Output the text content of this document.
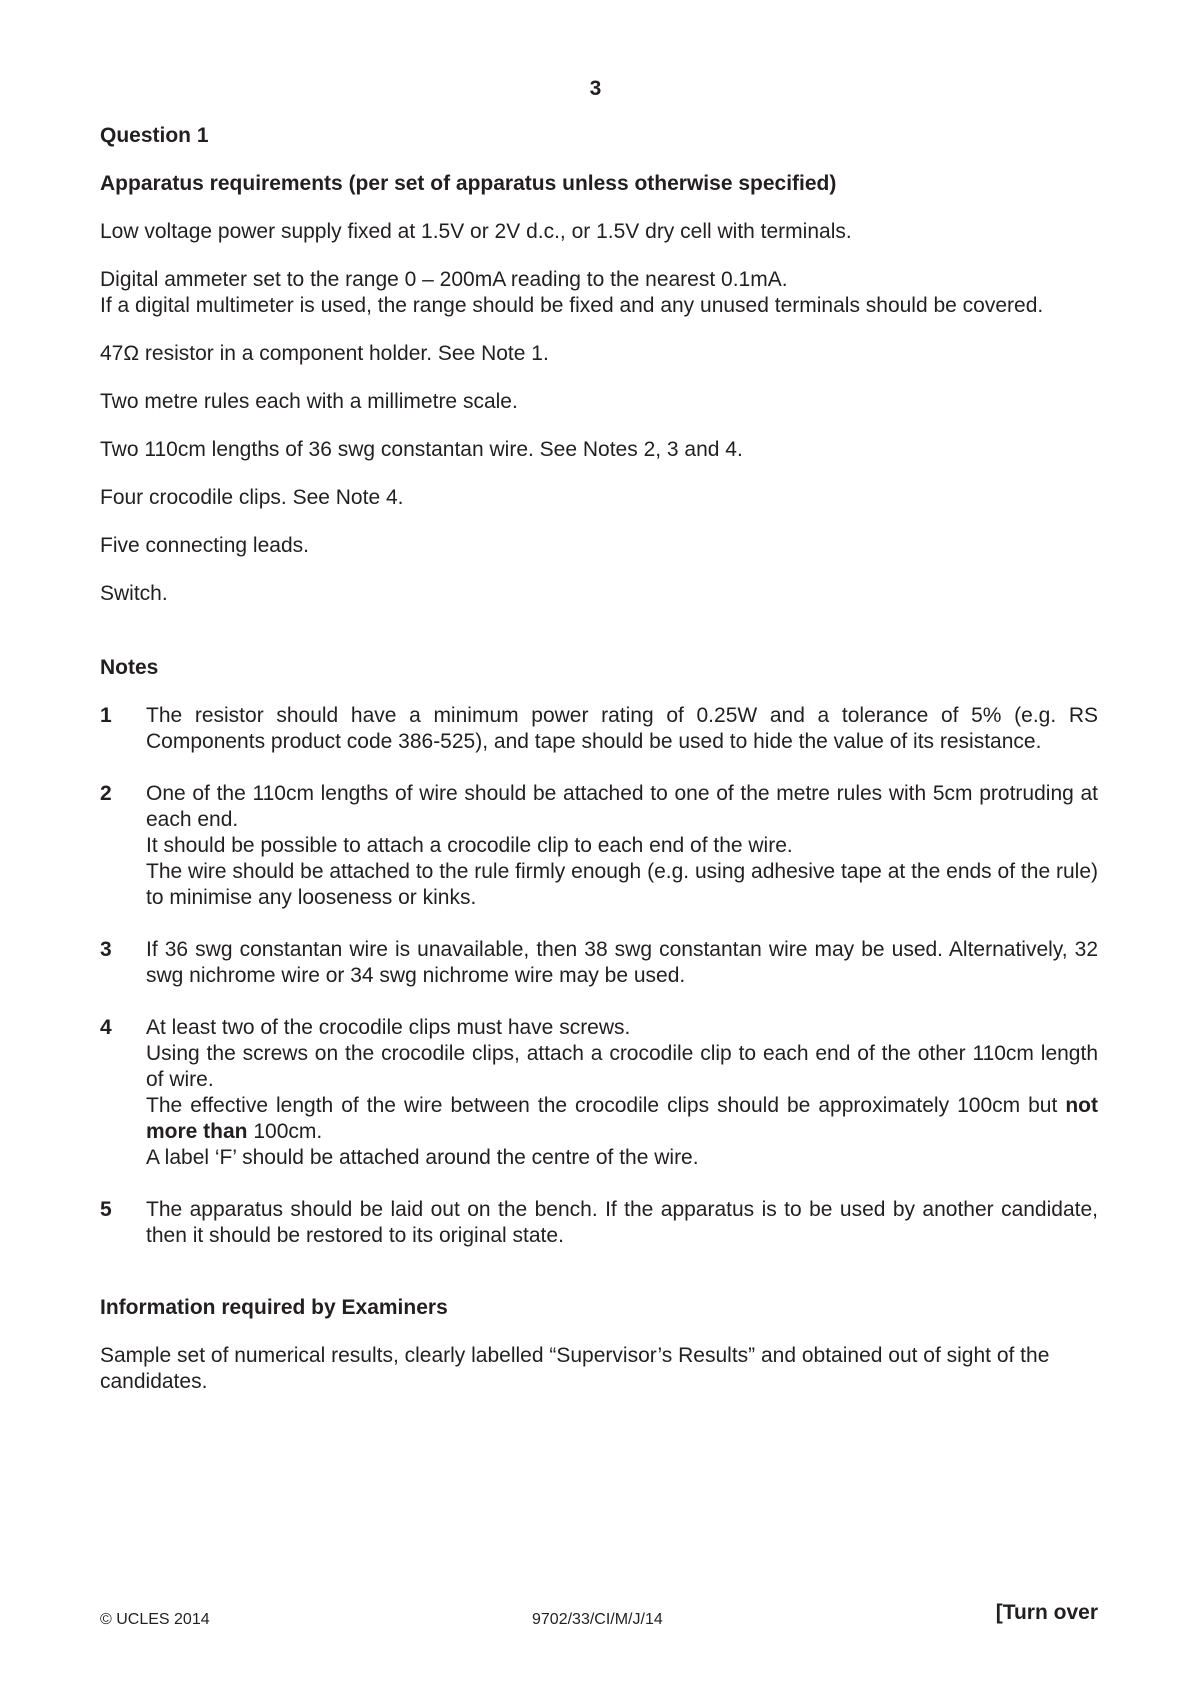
3

Question 1

Apparatus requirements (per set of apparatus unless otherwise specified)

Low voltage power supply fixed at 1.5V or 2V d.c., or 1.5V dry cell with terminals.

Digital ammeter set to the range 0 – 200mA reading to the nearest 0.1mA.

If a digital multimeter is used, the range should be fixed and any unused terminals should be covered.

47Ω resistor in a component holder. See Note 1.

Two metre rules each with a millimetre scale.

Two 110cm lengths of 36 swg constantan wire. See Notes 2, 3 and 4.

Four crocodile clips. See Note 4.

Five connecting leads.

Switch.

Notes

1	The resistor should have a minimum power rating of 0.25W and a tolerance of 5% (e.g. RS Components product code 386-525), and tape should be used to hide the value of its resistance.
2	One of the 110cm lengths of wire should be attached to one of the metre rules with 5cm protruding at each end.
It should be possible to attach a crocodile clip to each end of the wire.
The wire should be attached to the rule firmly enough (e.g. using adhesive tape at the ends of the rule) to minimise any looseness or kinks.
3	If 36 swg constantan wire is unavailable, then 38 swg constantan wire may be used. Alternatively, 32 swg nichrome wire or 34 swg nichrome wire may be used.
4	At least two of the crocodile clips must have screws.
Using the screws on the crocodile clips, attach a crocodile clip to each end of the other 110cm length of wire.
The effective length of the wire between the crocodile clips should be approximately 100cm but not more than 100cm.
A label ‘F’ should be attached around the centre of the wire.
5	The apparatus should be laid out on the bench. If the apparatus is to be used by another candidate, then it should be restored to its original state.

Information required by Examiners

Sample set of numerical results, clearly labelled “Supervisor’s Results” and obtained out of sight of the candidates.

© UCLES 2014	9702/33/CI/M/J/14	[Turn over
